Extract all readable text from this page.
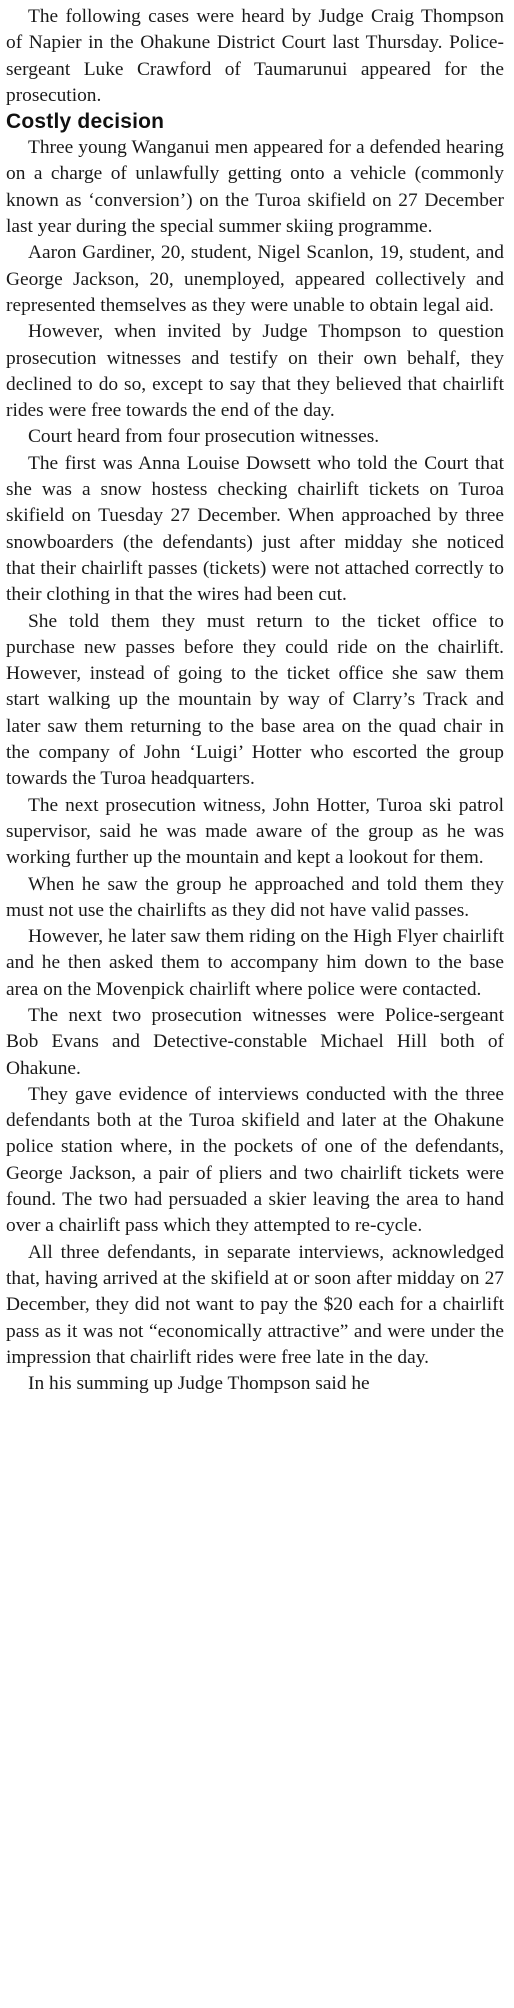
The following cases were heard by Judge Craig Thompson of Napier in the Ohakune District Court last Thursday. Police-sergeant Luke Crawford of Taumarunui appeared for the prosecution.

Costly decision

Three young Wanganui men appeared for a defended hearing on a charge of unlawfully getting onto a vehicle (commonly known as ‘conversion’) on the Turoa skifield on 27 December last year during the special summer skiing programme.

Aaron Gardiner, 20, student, Nigel Scanlon, 19, student, and George Jackson, 20, unemployed, appeared collectively and represented themselves as they were unable to obtain legal aid.

However, when invited by Judge Thompson to question prosecution witnesses and testify on their own behalf, they declined to do so, except to say that they believed that chairlift rides were free towards the end of the day.

Court heard from four prosecution witnesses.

The first was Anna Louise Dowsett who told the Court that she was a snow hostess checking chairlift tickets on Turoa skifield on Tuesday 27 December. When approached by three snowboarders (the defendants) just after midday she noticed that their chairlift passes (tickets) were not attached correctly to their clothing in that the wires had been cut.

She told them they must return to the ticket office to purchase new passes before they could ride on the chairlift. However, instead of going to the ticket office she saw them start walking up the mountain by way of Clarry’s Track and later saw them returning to the base area on the quad chair in the company of John ‘Luigi’ Hotter who escorted the group towards the Turoa headquarters.

The next prosecution witness, John Hotter, Turoa ski patrol supervisor, said he was made aware of the group as he was working further up the mountain and kept a lookout for them.

When he saw the group he approached and told them they must not use the chairlifts as they did not have valid passes.

However, he later saw them riding on the High Flyer chairlift and he then asked them to accompany him down to the base area on the Movenpick chairlift where police were contacted.

The next two prosecution witnesses were Police-sergeant Bob Evans and Detective-constable Michael Hill both of Ohakune.

They gave evidence of interviews conducted with the three defendants both at the Turoa skifield and later at the Ohakune police station where, in the pockets of one of the defendants, George Jackson, a pair of pliers and two chairlift tickets were found. The two had persuaded a skier leaving the area to hand over a chairlift pass which they attempted to re-cycle.

All three defendants, in separate interviews, acknowledged that, having arrived at the skifield at or soon after midday on 27 December, they did not want to pay the $20 each for a chairlift pass as it was not “economically attractive” and were under the impression that chairlift rides were free late in the day.

In his summing up Judge Thompson said he
